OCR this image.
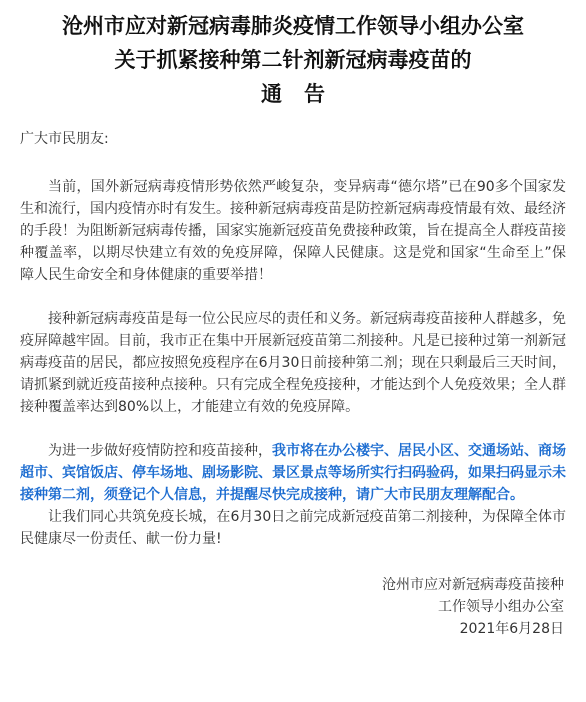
沧州市应对新冠病毒肺炎疫情工作领导小组办公室
关于抓紧接种第二针剂新冠病毒疫苗的
通告
广大市民朋友:

当前，国外新冠病毒疫情形势依然严峻复杂，变异病毒“德尔塔”已在90多个国家发生和流行，国内疫情亦时有发生。接种新冠病毒疫苗是防控新冠病毒疫情最有效、最经济的手段！为阻断新冠病毒传播，国家实施新冠疫苗免费接种政策，旨在提高全人群疫苗接种覆盖率，以期尽快建立有效的免疫屏障，保障人民健康。这是党和国家“生命至上”保障人民生命安全和身体健康的重要举措！

接种新冠病毒疫苗是每一位公民应尽的责任和义务。新冠病毒疫苗接种人群越多，免疫屏障越牢固。目前，我市正在集中开展新冠疫苗第二剂接种。凡是已接种过第一剂新冠病毒疫苗的居民，都应按照免疫程序在6月30日前接种第二剂；现在只剩最后三天时间，请抓紧到就近疫苗接种点接种。只有完成全程免疫接种，才能达到个人免疫效果；全人群接种覆盖率达到80%以上，才能建立有效的免疫屏障。

为进一步做好疫情防控和疫苗接种，我市将在办公楼宇、居民小区、交通场站、商场超市、宾馆饭店、停车场地、剧场影院、景区景点等场所实行扫码验码，如果扫码显示未接种第二剂，须登记个人信息，并提醒尽快完成接种，请广大市民朋友理解配合。

让我们同心共筑免疫长城，在6月30日之前完成新冠疫苗第二剂接种，为保障全体市民健康尽一份责任、献一份力量!

沧州市应对新冠病毒疫苗接种
工作领导小组办公室
2021年6月28日
